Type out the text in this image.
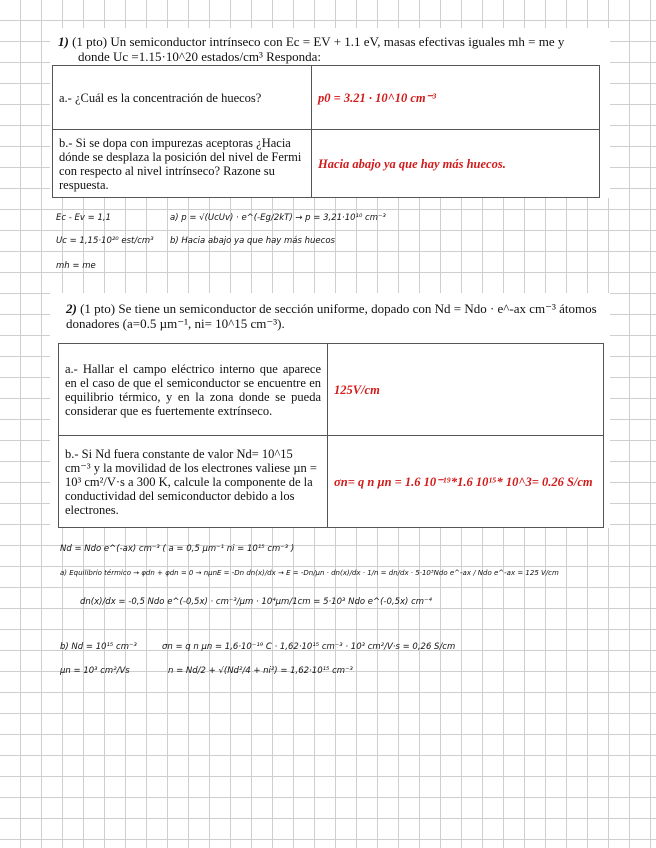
1) (1 pto) Un semiconductor intrínseco con Ec = EV + 1.1 eV, masas efectivas iguales mh = me y
donde Uc =1.15·10^20 estados/cm³ Responda:
a.- ¿Cuál es la concentración de huecos?	p0 = 3.21 · 10^10 cm⁻³
b.- Si se dopa con impurezas aceptoras ¿Hacia dónde se desplaza la posición del nivel de Fermi con respecto al nivel intrínseco? Razone su respuesta.	Hacia abajo ya que hay más huecos.
Ec - Ev = 1,1
Uc = 1,15·10²⁰ est/cm³
mh = me
a) p = √(UcUv) · e^(-Eg/2kT) → p = 3,21·10¹⁰ cm⁻³
b) Hacia abajo ya que hay más huecos
2) (1 pto) Se tiene un semiconductor de sección uniforme, dopado con Nd = Ndo · e^-ax cm⁻³ átomos
donadores (a=0.5 µm⁻¹, ni= 10^15 cm⁻³).
a.- Hallar el campo eléctrico interno que aparece en el caso de que el semiconductor se encuentre en equilibrio térmico, y en la zona donde se pueda considerar que es fuertemente extrínseco.	125V/cm
b.- Si Nd fuera constante de valor Nd= 10^15 cm⁻³ y la movilidad de los electrones valiese µn = 10³ cm²/V·s a 300 K, calcule la componente de la conductividad del semiconductor debido a los electrones.	σn= q n µn = 1.6 10⁻¹⁹*1.6 10¹⁵* 10^3= 0.26 S/cm
Nd = Ndo e^(-ax) cm⁻³ ( a = 0,5 µm⁻¹ ni = 10¹⁵ cm⁻³ )
a) Equilibrio térmico → φdn + φdn = 0 → nµnE = -Dn dn(x)/dx → E = -Dn/µn · dn(x)/dx · 1/n = dn/dx · 5·10³Ndo e^-ax / Ndo e^-ax = 125 V/cm
dn(x)/dx = -0,5 Ndo e^(-0,5x) · cm⁻³/µm · 10⁴µm/1cm = 5·10³ Ndo e^(-0,5x) cm⁻⁴
b) Nd = 10¹⁵ cm⁻³	σn = q n µn = 1,6·10⁻¹⁹ C · 1,62·10¹⁵ cm⁻³ · 10³ cm²/V·s = 0,26 S/cm
µn = 10³ cm²/Vs	n = Nd/2 + √(Nd²/4 + ni²) = 1,62·10¹⁵ cm⁻³
